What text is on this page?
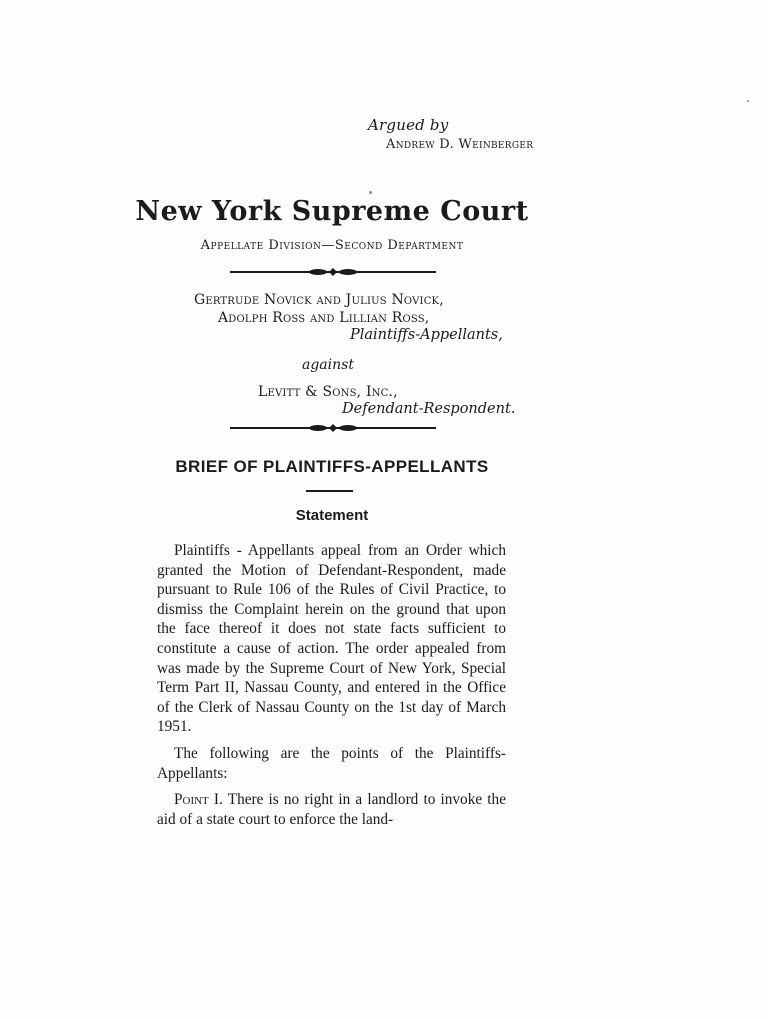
Argued by
Andrew D. Weinberger
New York Supreme Court
Appellate Division—Second Department
Gertrude Novick and Julius Novick,
Adolph Ross and Lillian Ross,
Plaintiffs-Appellants,
against
Levitt & Sons, Inc.,
Defendant-Respondent.
BRIEF OF PLAINTIFFS-APPELLANTS
Statement

Plaintiffs - Appellants appeal from an Order which granted the Motion of Defendant-Respondent, made pursuant to Rule 106 of the Rules of Civil Practice, to dismiss the Complaint herein on the ground that upon the face thereof it does not state facts sufficient to constitute a cause of action. The order appealed from was made by the Supreme Court of New York, Special Term Part II, Nassau County, and entered in the Office of the Clerk of Nassau County on the 1st day of March 1951.

The following are the points of the Plaintiffs-Appellants:

Point I. There is no right in a landlord to invoke the aid of a state court to enforce the land-
